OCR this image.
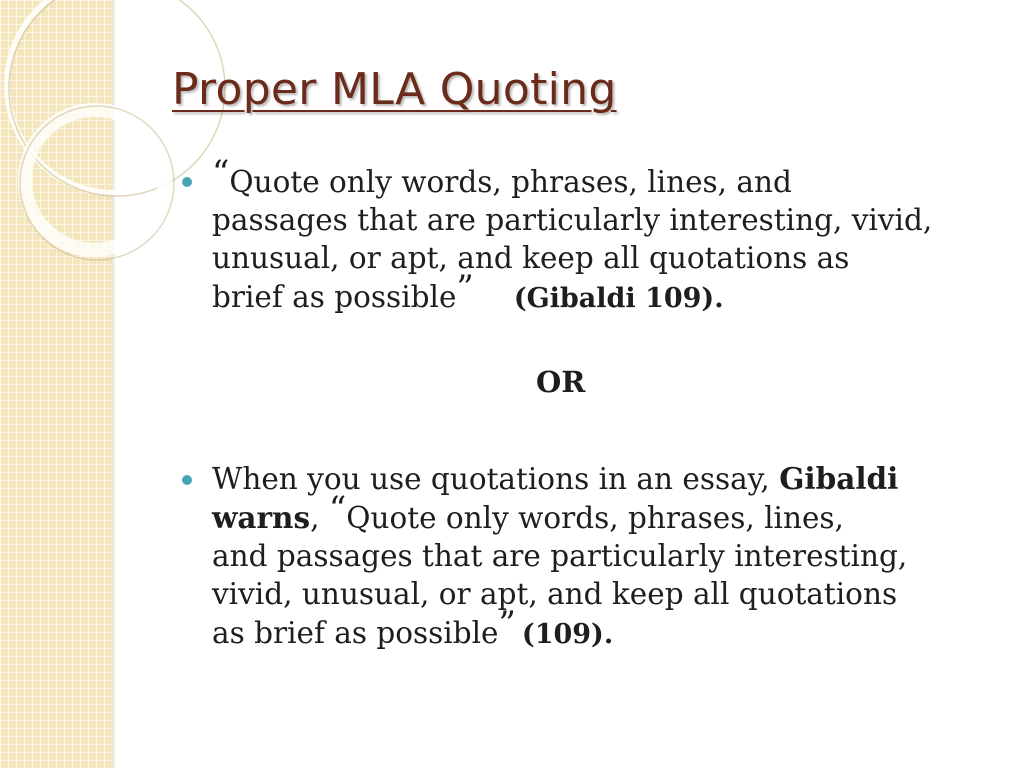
Proper MLA Quoting
“Quote only words, phrases, lines, and
passages that are particularly interesting, vivid,
unusual, or apt, and keep all quotations as
brief as possible” (Gibaldi 109).
OR
When you use quotations in an essay, Gibaldi
warns, “Quote only words, phrases, lines,
and passages that are particularly interesting,
vivid, unusual, or apt, and keep all quotations
as brief as possible” (109).
